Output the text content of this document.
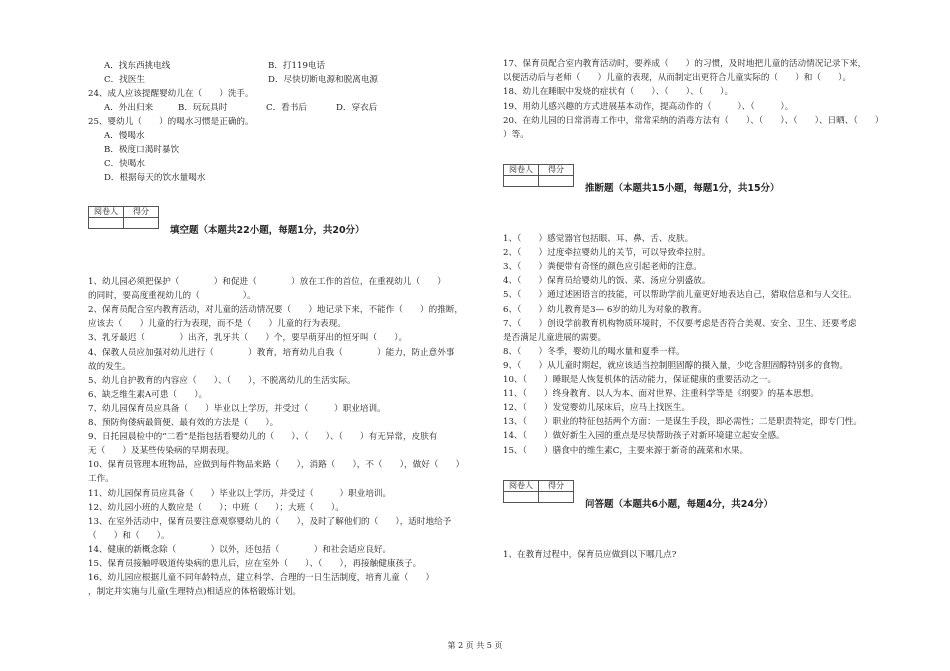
A．找东西挑电线	B．打119电话
C．找医生	D．尽快切断电源和脱离电源
24、成人应该提醒婴幼儿在（　　）洗手。
A．外出归来	B．玩玩具时	C．看书后	D．穿衣后
25、婴幼儿（　　）的喝水习惯是正确的。
A．慢喝水
B．极度口渴时暴饮
C．快喝水
D．根据每天的饮水量喝水
阅卷人	得分

填空题（本题共22小题，每题1分，共20分）
1、幼儿园必须把保护（　　　　）和促进（　　　　）放在工作的首位，在重视幼儿（　　）
的同时，要高度重视幼儿的（　　　　　）。
2、保育员配合室内教育活动，对儿童的活动情况要（　　）地记录下来，不能作（　　）的推断，
应该去（　　）儿童的行为表现，而不是（　　）儿童的行为表现。
3、乳牙最迟（　　　　）出齐，乳牙共（　　）个，要早萌芽出的恒牙叫（　　）。
4、保教人员应加强对幼儿进行（　　　　）教育，培育幼儿自我（　　　　）能力，防止意外事
故的发生。
5、幼儿自护教育的内容应（　　）、（　　），不脱离幼儿的生活实际。
6、缺乏维生素A可患（　　）。
7、幼儿园保育员应具备（　　）毕业以上学历，并受过（　　　）职业培训。
8、预防佝偻病最简便、最有效的方法是（　　）。
9、日托园晨检中的“二看”是指包括看婴幼儿的（　　）、（　　）、（　　）有无异常，皮肤有
无（　　）及某些传染病的早期表现。
10、保育员管理本班物品，应做到每件物品来路（　　），消路（　　），不（　　），做好（　　）
工作。
11、幼儿园保育员应具备（　　）毕业以上学历，并受过（　　　）职业培训。
12、幼儿园小班的人数应是（　　）；中班（　　）；大班（　　）。
13、在室外活动中，保育员要注意观察婴幼儿的（　　），及时了解他们的（　　），适时地给予
（　　）和（　　）。
14、健康的新概念除（　　　　）以外，还包括（　　　　）和社会适应良好。
15、保育员接触呼吸道传染病的患儿后，应在室外（　　）、（　　），再接触健康孩子。
16、幼儿园应根据儿童不同年龄特点，建立科学、合理的一日生活制度，培育儿童（　　）
，制定并实施与儿童(生理特点)相适应的体格锻炼计划。
17、保育员配合室内教育活动时，要养成（　　）的习惯，及时地把儿童的活动情况记录下来，
以便活动后与老师（　　）儿童的表现，从而制定出更符合儿童实际的（　　）和（　　）。
18、幼儿在睡眠中发烧的症状有（　　）、（　　）、（　　）。
19、用幼儿感兴趣的方式进展基本动作，提高动作的（　　　）、（　　　）。
20、在幼儿园的日常消毒工作中，常常采纳的消毒方法有（　　）、（　　）、（　　）、日晒、（　　）
）等。
阅卷人	得分

推断题（本题共15小题，每题1分，共15分）
1、（　　）感觉器官包括眼、耳、鼻、舌、皮肤。
2、（　　）过度牵拉婴幼儿的关节，可以导致牵拉肘。
3、（　　）粪便带有奇怪的颜色应引起老师的注意。
4、（　　）保育员给婴幼儿的饭、菜、汤应分别盛放。
5、（　　）通过述困语言的技能，可以帮助学前儿童更好地表达自己，猎取信息和与人交往。
6、（　　）幼儿教育是3— 6岁的幼儿为对象的教育。
7、（　　）创设学前教育机构物质环境时，不仅要考虑是否符合美观、安全、卫生、还要考虑
是否满足儿童进展的需要。
8、（　　）冬季，婴幼儿的喝水量和夏季一样。
9、（　　）从儿童时期起，就应该适当控制胆固醇的摄入量，少吃含胆固醇特别多的食物。
10、（　　）睡眠是人恢复机体的活动能力，保证健康的重要活动之一。
11、（　　）终身教育、以人为本、面对世界、注重科学等是《纲要》的基本思想。
12、（　　）发觉婴幼儿尿床后，应马上找医生。
13、（　　）职业的特征包括两个方面：一是谋生手段，即必需性；二是职责特定，即专门性。
14、（　　）做好新生入园的重点是尽快帮助孩子对新环境建立起安全感。
15、（　　）膳食中的维生素C，主要来源于新奇的蔬菜和水果。
阅卷人	得分

问答题（本题共6小题，每题4分，共24分）
1、在教育过程中，保育员应做到以下哪几点?
第 2 页 共 5 页
